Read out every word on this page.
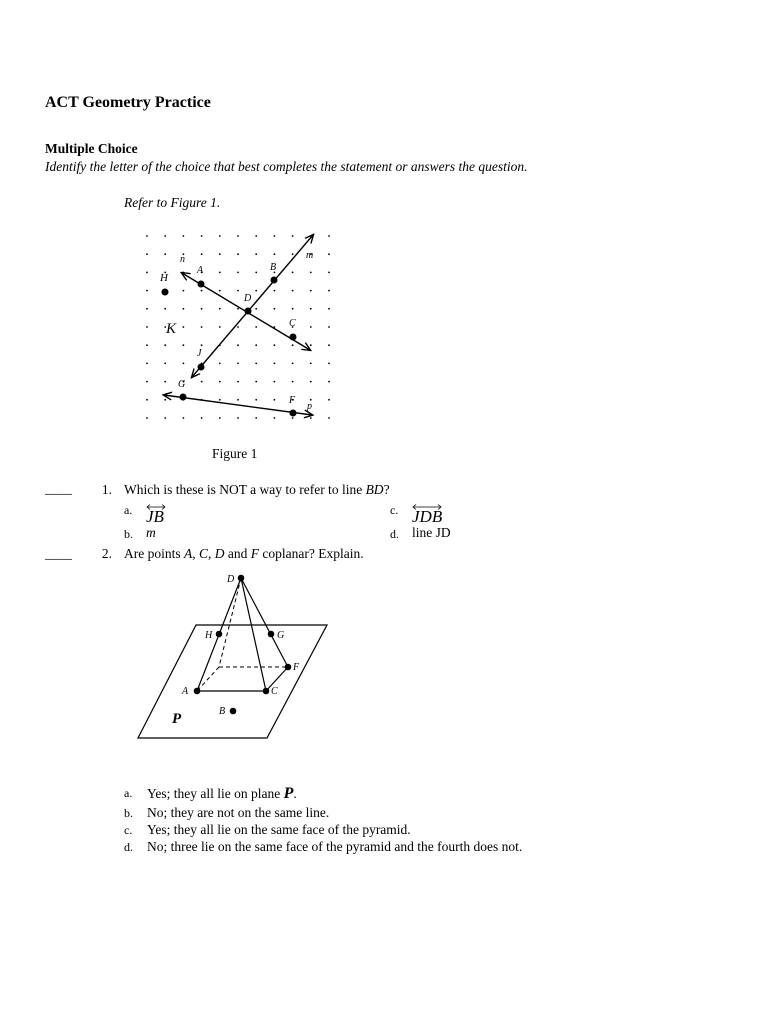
ACT Geometry Practice
Multiple Choice
Identify the letter of the choice that best completes the statement or answers the question.
Refer to Figure 1.
n	m
H
A	B
D
C
K
J
G
F
p
Figure 1
____	1. Which is these is NOT a way to refer to line BD?
a. JB
b. m
c. JDB
d. line JD
____	2. Are points A, C, D and F coplanar? Explain.
D
H	G
F
A	C
B
P
a. Yes; they all lie on plane P.
b. No; they are not on the same line.
c. Yes; they all lie on the same face of the pyramid.
d. No; three lie on the same face of the pyramid and the fourth does not.
